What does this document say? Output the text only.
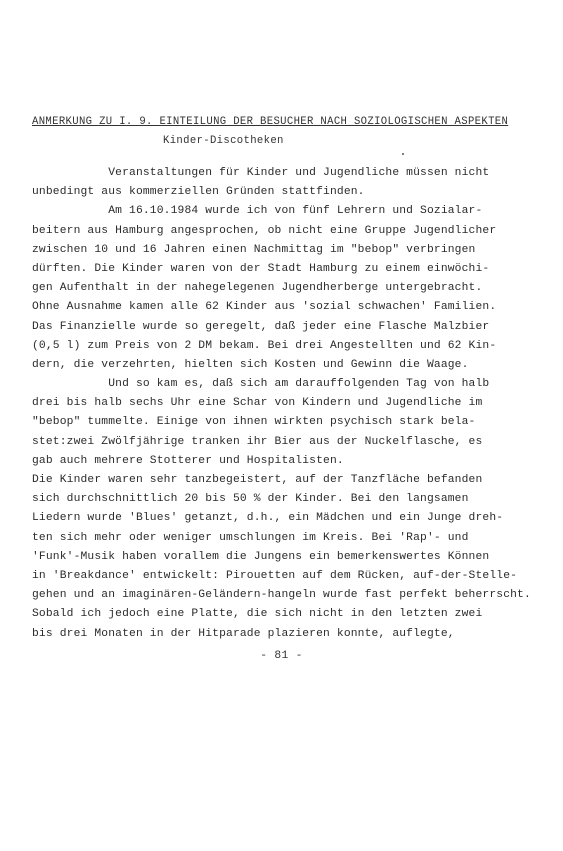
ANMERKUNG ZU I. 9. EINTEILUNG DER BESUCHER NACH SOZIOLOGISCHEN ASPEKTEN
Kinder-Discotheken
Veranstaltungen für Kinder und Jugendliche müssen nicht
unbedingt aus kommerziellen Gründen stattfinden.
Am 16.10.1984 wurde ich von fünf Lehrern und Sozialar-
beitern aus Hamburg angesprochen, ob nicht eine Gruppe Jugendlicher
zwischen 10 und 16 Jahren einen Nachmittag im "bebop" verbringen
dürften. Die Kinder waren von der Stadt Hamburg zu einem einwöchi-
gen Aufenthalt in der nahegelegenen Jugendherberge untergebracht.
Ohne Ausnahme kamen alle 62 Kinder aus 'sozial schwachen' Familien.
Das Finanzielle wurde so geregelt, daß jeder eine Flasche Malzbier
(0,5 l) zum Preis von 2 DM bekam. Bei drei Angestellten und 62 Kin-
dern, die verzehrten, hielten sich Kosten und Gewinn die Waage.
Und so kam es, daß sich am darauffolgenden Tag von halb
drei bis halb sechs Uhr eine Schar von Kindern und Jugendliche im
"bebop" tummelte. Einige von ihnen wirkten psychisch stark bela-
stet:zwei Zwölfjährige tranken ihr Bier aus der Nuckelflasche, es
gab auch mehrere Stotterer und Hospitalisten.
Die Kinder waren sehr tanzbegeistert, auf der Tanzfläche befanden
sich durchschnittlich 20 bis 50 % der Kinder. Bei den langsamen
Liedern wurde 'Blues' getanzt, d.h., ein Mädchen und ein Junge dreh-
ten sich mehr oder weniger umschlungen im Kreis. Bei 'Rap'- und
'Funk'-Musik haben vorallem die Jungens ein bemerkenswertes Können
in 'Breakdance' entwickelt: Pirouetten auf dem Rücken, auf-der-Stelle-
gehen und an imaginären-Geländern-hangeln wurde fast perfekt beherrscht.
Sobald ich jedoch eine Platte, die sich nicht in den letzten zwei
bis drei Monaten in der Hitparade plazieren konnte, auflegte,
- 81 -
